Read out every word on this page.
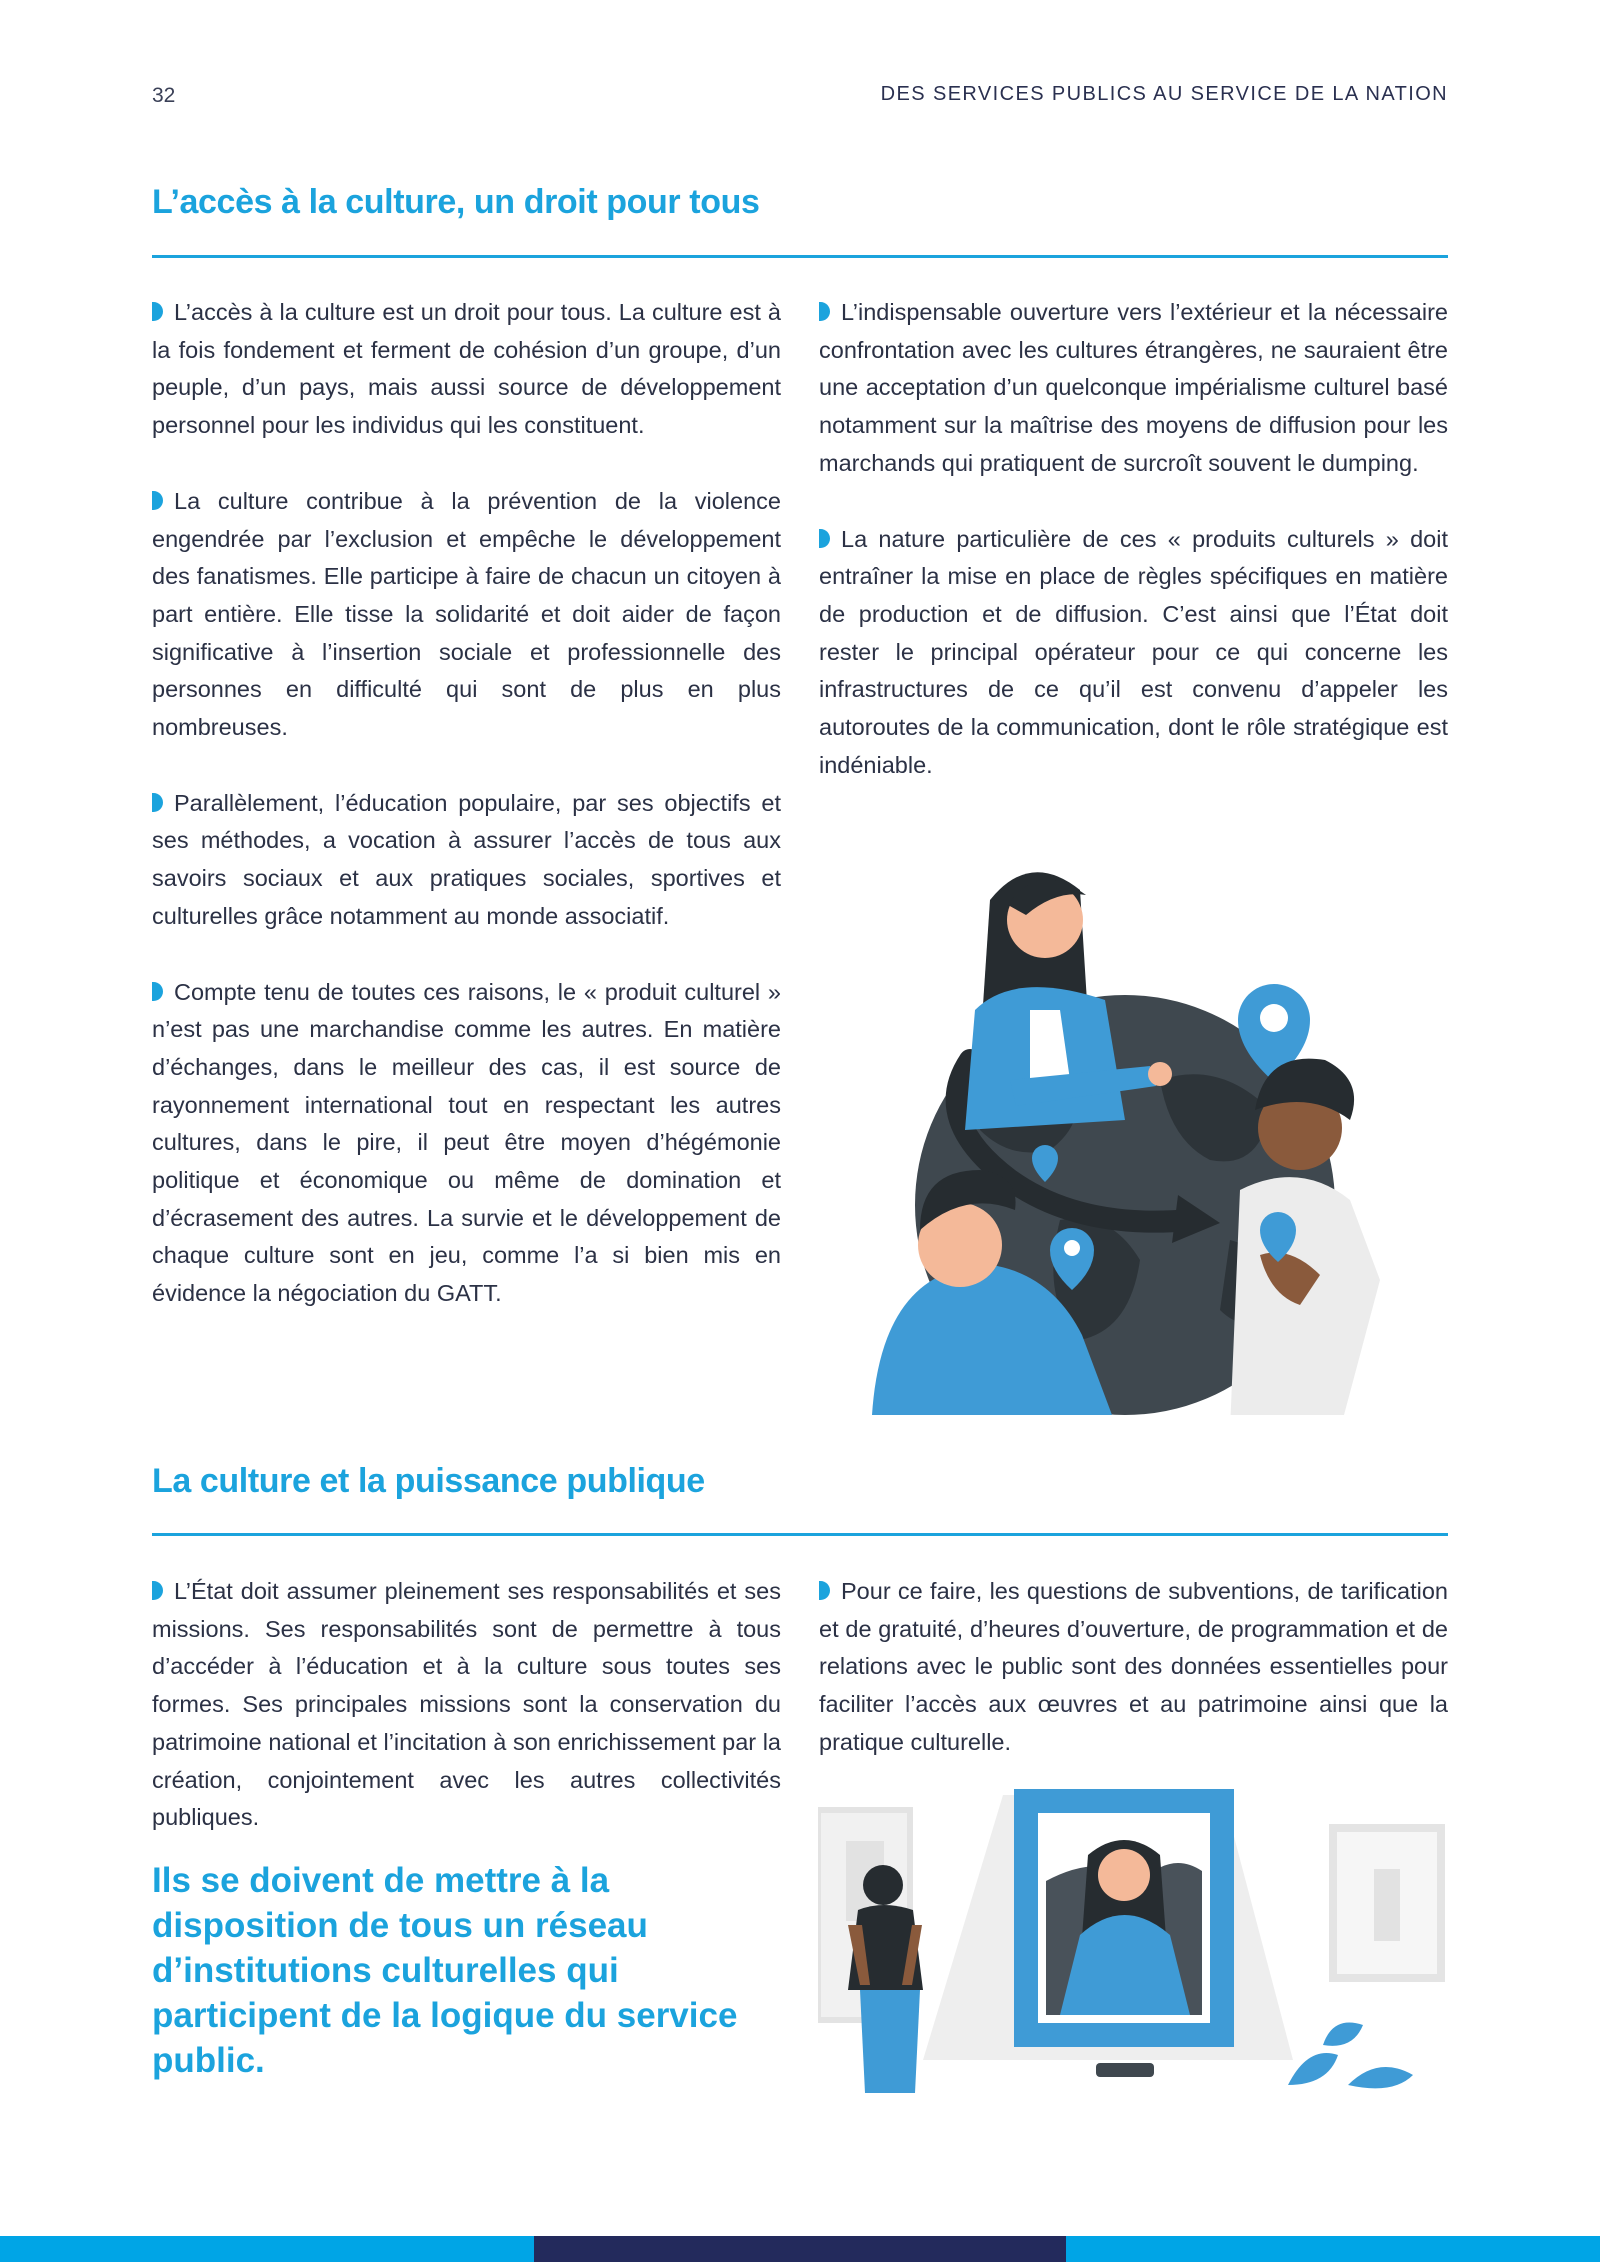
32	DES SERVICES PUBLICS AU SERVICE DE LA NATION
L’accès à la culture, un droit pour tous

L’accès à la culture est un droit pour tous. La culture est à la fois fondement et ferment de cohésion d’un groupe, d’un peuple, d’un pays, mais aussi source de développement personnel pour les individus qui les constituent.

La culture contribue à la prévention de la violence engendrée par l’exclusion et empêche le développement des fanatismes. Elle participe à faire de chacun un citoyen à part entière. Elle tisse la solidarité et doit aider de façon significative à l’insertion sociale et professionnelle des personnes en difficulté qui sont de plus en plus nombreuses.

Parallèlement, l’éducation populaire, par ses objectifs et ses méthodes, a vocation à assurer l’accès de tous aux savoirs sociaux et aux pratiques sociales, sportives et culturelles grâce notamment au monde associatif.

Compte tenu de toutes ces raisons, le « produit culturel » n’est pas une marchandise comme les autres. En matière d’échanges, dans le meilleur des cas, il est source de rayonnement international tout en respectant les autres cultures, dans le pire, il peut être moyen d’hégémonie politique et économique ou même de domination et d’écrasement des autres. La survie et le développement de chaque culture sont en jeu, comme l’a si bien mis en évidence la négociation du GATT.

L’indispensable ouverture vers l’extérieur et la nécessaire confrontation avec les cultures étrangères, ne sauraient être une acceptation d’un quelconque impérialisme culturel basé notamment sur la maîtrise des moyens de diffusion pour les marchands qui pratiquent de surcroît souvent le dumping.

La nature particulière de ces « produits culturels » doit entraîner la mise en place de règles spécifiques en matière de production et de diffusion. C’est ainsi que l’État doit rester le principal opérateur pour ce qui concerne les infrastructures de ce qu’il est convenu d’appeler les autoroutes de la communication, dont le rôle stratégique est indéniable.

La culture et la puissance publique

L’État doit assumer pleinement ses responsabilités et ses missions. Ses responsabilités sont de permettre à tous d’accéder à l’éducation et à la culture sous toutes ses formes. Ses principales missions sont la conservation du patrimoine national et l’incitation à son enrichissement par la création, conjointement avec les autres collectivités publiques.

Ils se doivent de mettre à la disposition de tous un réseau d’institutions culturelles qui participent de la logique du service public.

Pour ce faire, les questions de subventions, de tarification et de gratuité, d’heures d’ouverture, de programmation et de relations avec le public sont des données essentielles pour faciliter l’accès aux œuvres et au patrimoine ainsi que la pratique culturelle.
